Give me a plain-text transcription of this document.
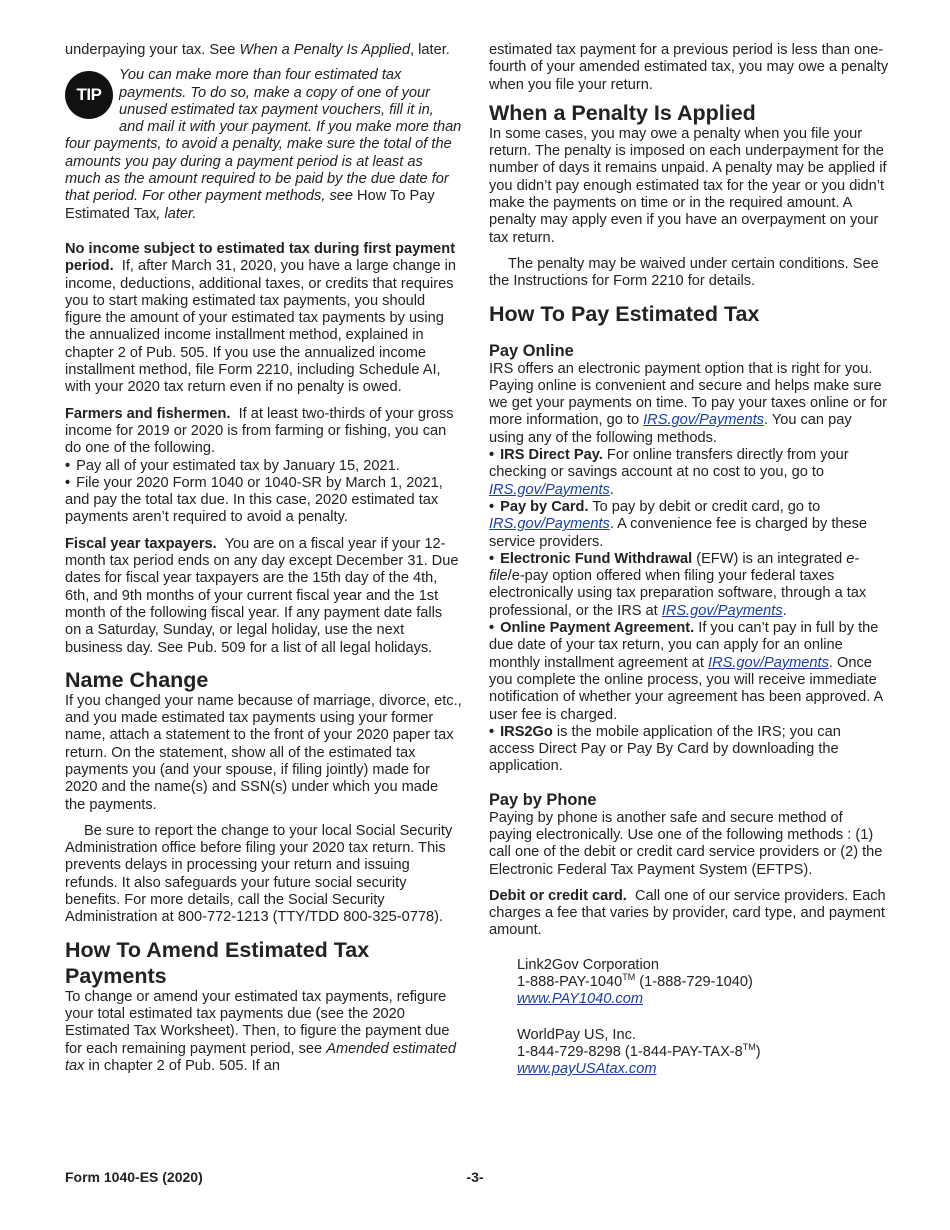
underpaying your tax. See When a Penalty Is Applied, later.

TIP

You can make more than four estimated tax payments. To do so, make a copy of one of your unused estimated tax payment vouchers, fill it in, and mail it with your payment. If you make more than four payments, to avoid a penalty, make sure the total of the amounts you pay during a payment period is at least as much as the amount required to be paid by the due date for that period. For other payment methods, see How To Pay Estimated Tax, later.

No income subject to estimated tax during first payment period. If, after March 31, 2020, you have a large change in income, deductions, additional taxes, or credits that requires you to start making estimated tax payments, you should figure the amount of your estimated tax payments by using the annualized income installment method, explained in chapter 2 of Pub. 505. If you use the annualized income installment method, file Form 2210, including Schedule AI, with your 2020 tax return even if no penalty is owed.

Farmers and fishermen. If at least two-thirds of your gross income for 2019 or 2020 is from farming or fishing, you can do one of the following.

• Pay all of your estimated tax by January 15, 2021.

• File your 2020 Form 1040 or 1040-SR by March 1, 2021, and pay the total tax due. In this case, 2020 estimated tax payments aren’t required to avoid a penalty.

Fiscal year taxpayers. You are on a fiscal year if your 12-month tax period ends on any day except December 31. Due dates for fiscal year taxpayers are the 15th day of the 4th, 6th, and 9th months of your current fiscal year and the 1st month of the following fiscal year. If any payment date falls on a Saturday, Sunday, or legal holiday, use the next business day. See Pub. 509 for a list of all legal holidays.

Name Change

If you changed your name because of marriage, divorce, etc., and you made estimated tax payments using your former name, attach a statement to the front of your 2020 paper tax return. On the statement, show all of the estimated tax payments you (and your spouse, if filing jointly) made for 2020 and the name(s) and SSN(s) under which you made the payments.

Be sure to report the change to your local Social Security Administration office before filing your 2020 tax return. This prevents delays in processing your return and issuing refunds. It also safeguards your future social security benefits. For more details, call the Social Security Administration at 800-772-1213 (TTY/TDD 800-325-0778).

How To Amend Estimated Tax Payments

To change or amend your estimated tax payments, refigure your total estimated tax payments due (see the 2020 Estimated Tax Worksheet). Then, to figure the payment due for each remaining payment period, see Amended estimated tax in chapter 2 of Pub. 505. If an

estimated tax payment for a previous period is less than one-fourth of your amended estimated tax, you may owe a penalty when you file your return.

When a Penalty Is Applied

In some cases, you may owe a penalty when you file your return. The penalty is imposed on each underpayment for the number of days it remains unpaid. A penalty may be applied if you didn’t pay enough estimated tax for the year or you didn’t make the payments on time or in the required amount. A penalty may apply even if you have an overpayment on your tax return.

The penalty may be waived under certain conditions. See the Instructions for Form 2210 for details.

How To Pay Estimated Tax
Pay Online

IRS offers an electronic payment option that is right for you. Paying online is convenient and secure and helps make sure we get your payments on time. To pay your taxes online or for more information, go to IRS.gov/Payments. You can pay using any of the following methods.

• IRS Direct Pay. For online transfers directly from your checking or savings account at no cost to you, go to IRS.gov/Payments.

• Pay by Card. To pay by debit or credit card, go to IRS.gov/Payments. A convenience fee is charged by these service providers.

• Electronic Fund Withdrawal (EFW) is an integrated e-file/e-pay option offered when filing your federal taxes electronically using tax preparation software, through a tax professional, or the IRS at IRS.gov/Payments.

• Online Payment Agreement. If you can’t pay in full by the due date of your tax return, you can apply for an online monthly installment agreement at IRS.gov/Payments. Once you complete the online process, you will receive immediate notification of whether your agreement has been approved. A user fee is charged.

• IRS2Go is the mobile application of the IRS; you can access Direct Pay or Pay By Card by downloading the application.

Pay by Phone

Paying by phone is another safe and secure method of paying electronically. Use one of the following methods : (1) call one of the debit or credit card service providers or (2) the Electronic Federal Tax Payment System (EFTPS).

Debit or credit card. Call one of our service providers. Each charges a fee that varies by provider, card type, and payment amount.

Link2Gov Corporation

1-888-PAY-1040™ (1-888-729-1040)

www.PAY1040.com

WorldPay US, Inc.

1-844-729-8298 (1-844-PAY-TAX-8™)

www.payUSAtax.com

Form 1040-ES (2020)	-3-
